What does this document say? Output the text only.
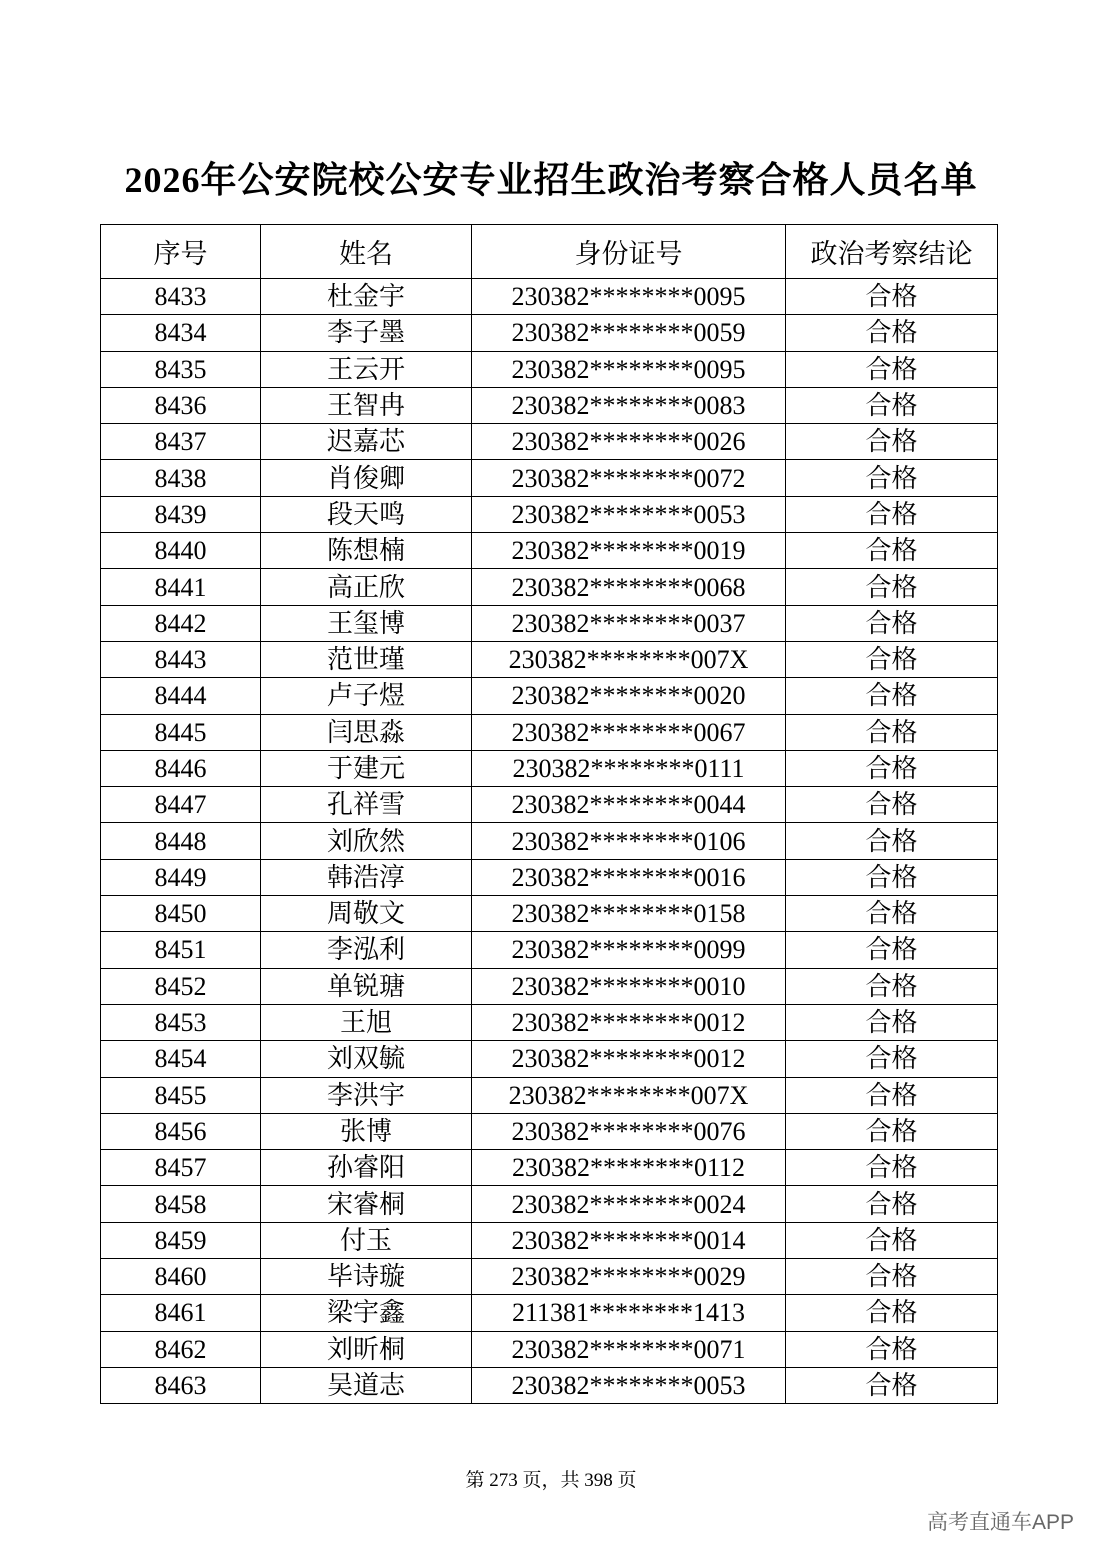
2026年公安院校公安专业招生政治考察合格人员名单
序号	姓名	身份证号	政治考察结论
8433	杜金宇	230382********0095	合格
8434	李子墨	230382********0059	合格
8435	王云开	230382********0095	合格
8436	王智冉	230382********0083	合格
8437	迟嘉芯	230382********0026	合格
8438	肖俊卿	230382********0072	合格
8439	段天鸣	230382********0053	合格
8440	陈想楠	230382********0019	合格
8441	高正欣	230382********0068	合格
8442	王玺博	230382********0037	合格
8443	范世瑾	230382********007X	合格
8444	卢子煜	230382********0020	合格
8445	闫思淼	230382********0067	合格
8446	于建元	230382********0111	合格
8447	孔祥雪	230382********0044	合格
8448	刘欣然	230382********0106	合格
8449	韩浩淳	230382********0016	合格
8450	周敬文	230382********0158	合格
8451	李泓利	230382********0099	合格
8452	单锐瑭	230382********0010	合格
8453	王旭	230382********0012	合格
8454	刘双毓	230382********0012	合格
8455	李洪宇	230382********007X	合格
8456	张博	230382********0076	合格
8457	孙睿阳	230382********0112	合格
8458	宋睿桐	230382********0024	合格
8459	付玉	230382********0014	合格
8460	毕诗璇	230382********0029	合格
8461	梁宇鑫	211381********1413	合格
8462	刘昕桐	230382********0071	合格
8463	吴道志	230382********0053	合格
第 273 页，共 398 页
高考直通车APP
